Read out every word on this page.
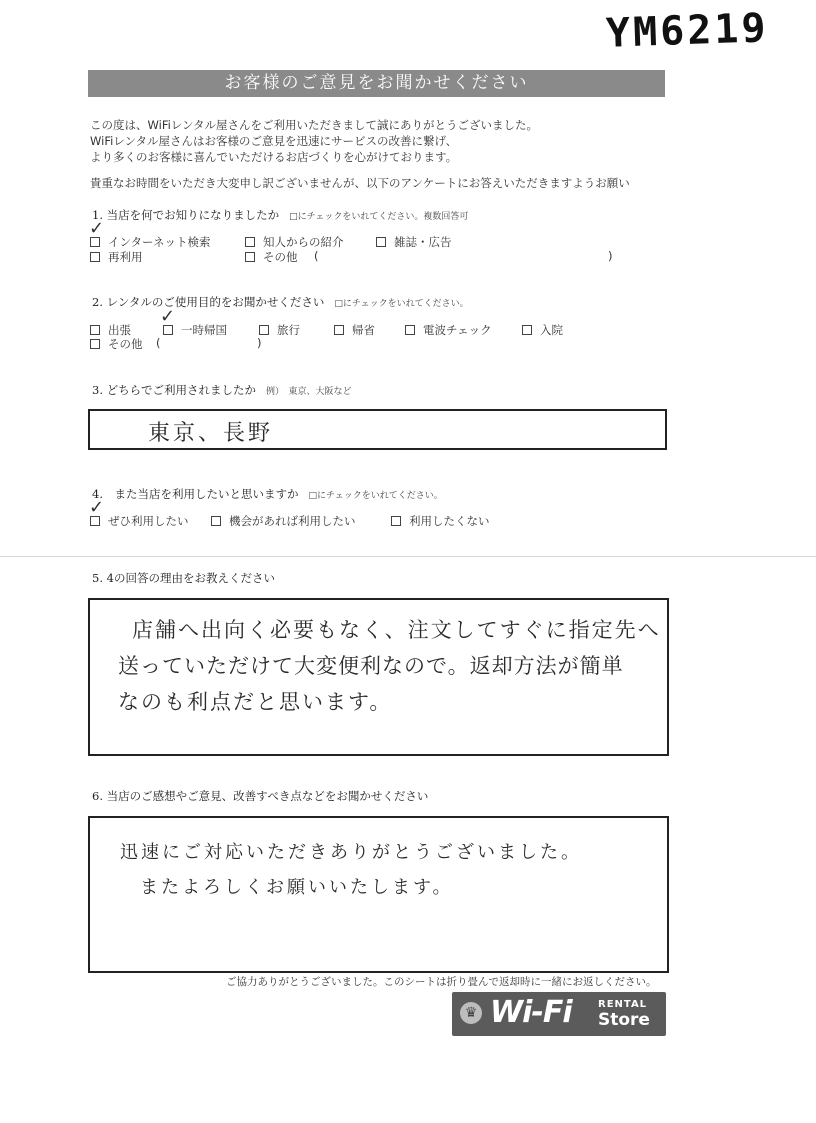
YM6219
お客様のご意見をお聞かせください
この度は、WiFiレンタル屋さんをご利用いただきまして誠にありがとうございました。
WiFiレンタル屋さんはお客様のご意見を迅速にサービスの改善に繋げ、
より多くのお客様に喜んでいただけるお店づくりを心がけております。
貴重なお時間をいただき大変申し訳ございませんが、以下のアンケートにお答えいただきますようお願い
1. 当店を何でお知りになりましたか □にチェックをいれてください。複数回答可
インターネット検索
✓
知人からの紹介	雑誌・広告
再利用	その他 (	)
2. レンタルのご使用目的をお聞かせください □にチェックをいれてください。
出張	一時帰国
✓
旅行	帰省	電波チェック	入院
その他 (	)
3. どちらでご利用されましたか 例）　東京、大阪など
東京、長野
4.　また当店を利用したいと思いますか □にチェックをいれてください。
ぜひ利用したい
✓
機会があれば利用したい	利用したくない
5. 4の回答の理由をお教えください
店舗へ出向く必要もなく、注文してすぐに指定先へ
送っていただけて大変便利なので。返却方法が簡単
なのも利点だと思います。
6. 当店のご感想やご意見、改善すべき点などをお聞かせください
迅速にご対応いただきありがとうございました。
またよろしくお願いいたします。
ご協力ありがとうございました。このシートは折り畳んで返却時に一緒にお返しください。
♛ Wi-Fi	RENTAL
Store
